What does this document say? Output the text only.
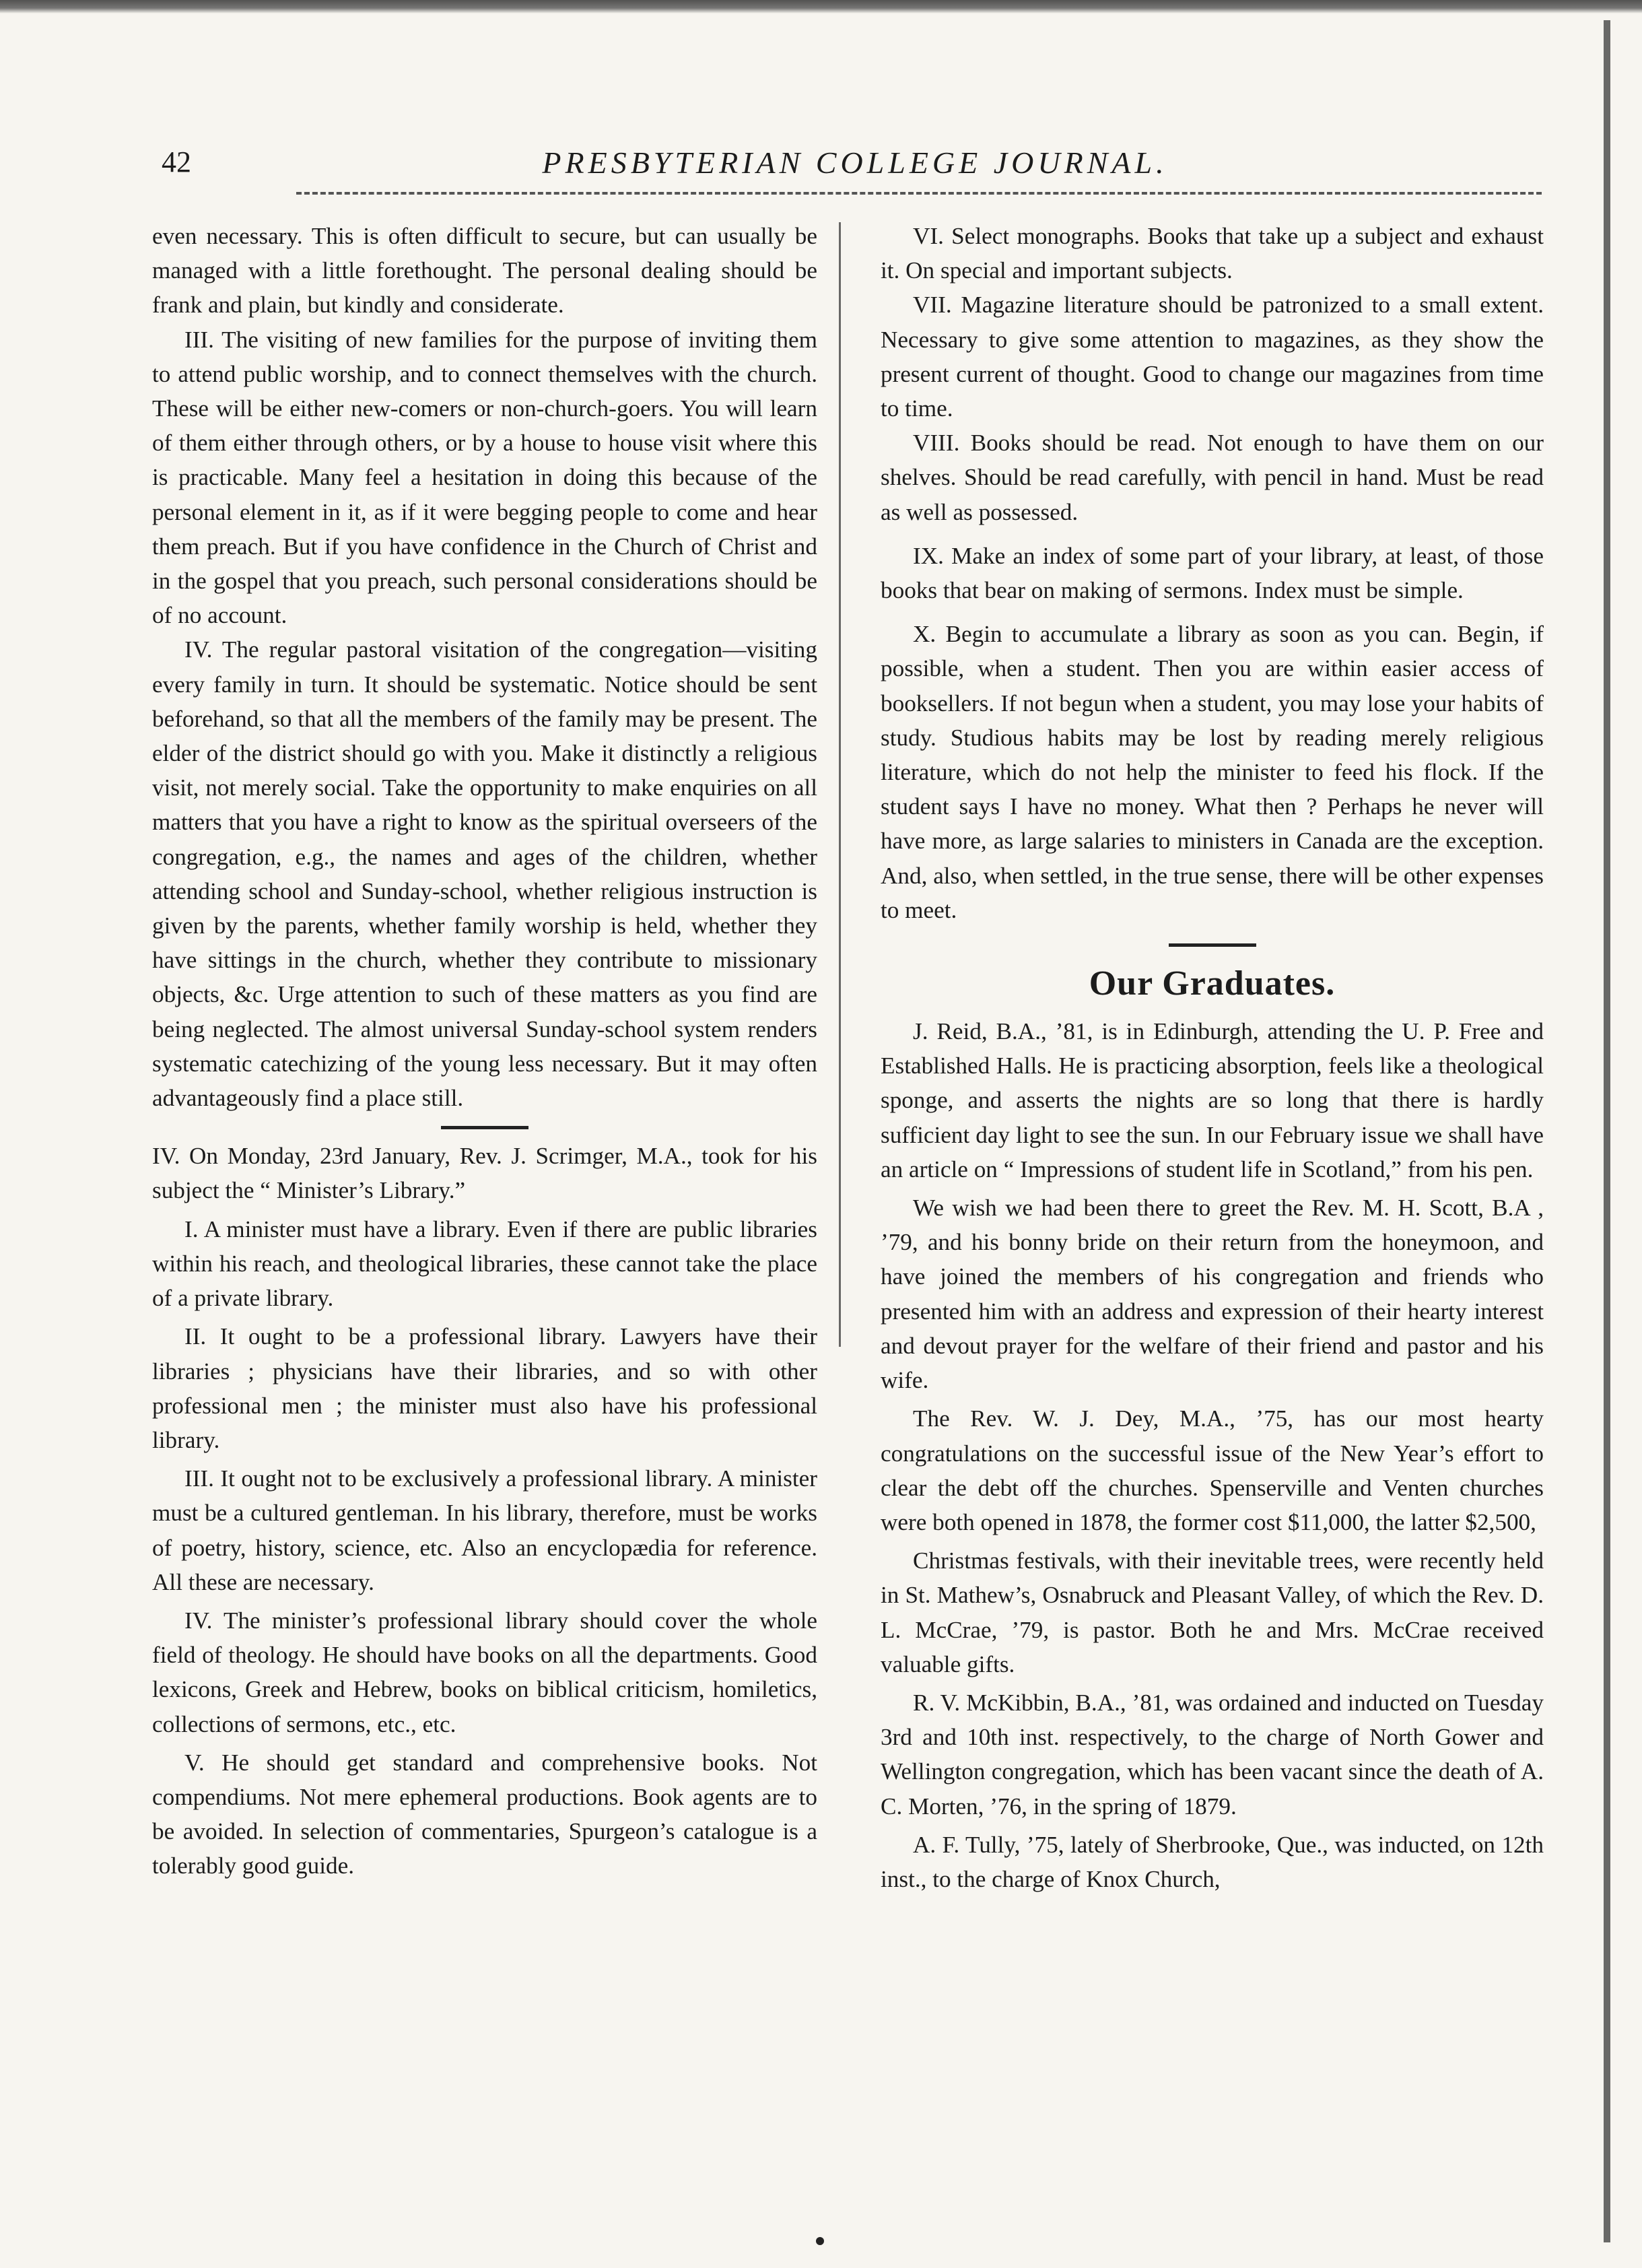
42	PRESBYTERIAN COLLEGE JOURNAL.

even necessary. This is often difficult to secure, but can usually be managed with a little forethought. The personal dealing should be frank and plain, but kindly and considerate.

III. The visiting of new families for the purpose of inviting them to attend public worship, and to connect themselves with the church. These will be either new-comers or non-church-goers. You will learn of them either through others, or by a house to house visit where this is practicable. Many feel a hesitation in doing this because of the personal element in it, as if it were begging people to come and hear them preach. But if you have confidence in the Church of Christ and in the gospel that you preach, such personal considerations should be of no account.

IV. The regular pastoral visitation of the congregation—visiting every family in turn. It should be systematic. Notice should be sent beforehand, so that all the members of the family may be present. The elder of the district should go with you. Make it distinctly a religious visit, not merely social. Take the opportunity to make enquiries on all matters that you have a right to know as the spiritual overseers of the congregation, e.g., the names and ages of the children, whether attending school and Sunday-school, whether religious instruction is given by the parents, whether family worship is held, whether they have sittings in the church, whether they contribute to missionary objects, &c. Urge attention to such of these matters as you find are being neglected. The almost universal Sunday-school system renders systematic catechizing of the young less necessary. But it may often advantageously find a place still.

IV. On Monday, 23rd January, Rev. J. Scrimger, M.A., took for his subject the “ Minister’s Library.”

I. A minister must have a library. Even if there are public libraries within his reach, and theological libraries, these cannot take the place of a private library.

II. It ought to be a professional library. Lawyers have their libraries ; physicians have their libraries, and so with other professional men ; the minister must also have his professional library.

III. It ought not to be exclusively a professional library. A minister must be a cultured gentleman. In his library, therefore, must be works of poetry, history, science, etc. Also an encyclopædia for reference. All these are necessary.

IV. The minister’s professional library should cover the whole field of theology. He should have books on all the departments. Good lexicons, Greek and Hebrew, books on biblical criticism, homiletics, collections of sermons, etc., etc.

V. He should get standard and comprehensive books. Not compendiums. Not mere ephemeral productions. Book agents are to be avoided. In selection of commentaries, Spurgeon’s catalogue is a tolerably good guide.

VI. Select monographs. Books that take up a subject and exhaust it. On special and important subjects.

VII. Magazine literature should be patronized to a small extent. Necessary to give some attention to magazines, as they show the present current of thought. Good to change our magazines from time to time.

VIII. Books should be read. Not enough to have them on our shelves. Should be read carefully, with pencil in hand. Must be read as well as possessed.

IX. Make an index of some part of your library, at least, of those books that bear on making of sermons. Index must be simple.

X. Begin to accumulate a library as soon as you can. Begin, if possible, when a student. Then you are within easier access of booksellers. If not begun when a student, you may lose your habits of study. Studious habits may be lost by reading merely religious literature, which do not help the minister to feed his flock. If the student says I have no money. What then ? Perhaps he never will have more, as large salaries to ministers in Canada are the exception. And, also, when settled, in the true sense, there will be other expenses to meet.

Our Graduates.

J. Reid, B.A., ’81, is in Edinburgh, attending the U. P. Free and Established Halls. He is practicing absorption, feels like a theological sponge, and asserts the nights are so long that there is hardly sufficient day light to see the sun. In our February issue we shall have an article on “ Impressions of student life in Scotland,” from his pen.

We wish we had been there to greet the Rev. M. H. Scott, B.A , ’79, and his bonny bride on their return from the honeymoon, and have joined the members of his congregation and friends who presented him with an address and expression of their hearty interest and devout prayer for the welfare of their friend and pastor and his wife.

The Rev. W. J. Dey, M.A., ’75, has our most hearty congratulations on the successful issue of the New Year’s effort to clear the debt off the churches. Spenserville and Venten churches were both opened in 1878, the former cost $11,000, the latter $2,500,

Christmas festivals, with their inevitable trees, were recently held in St. Mathew’s, Osnabruck and Pleasant Valley, of which the Rev. D. L. McCrae, ’79, is pastor. Both he and Mrs. McCrae received valuable gifts.

R. V. McKibbin, B.A., ’81, was ordained and inducted on Tuesday 3rd and 10th inst. respectively, to the charge of North Gower and Wellington congregation, which has been vacant since the death of A. C. Morten, ’76, in the spring of 1879.

A. F. Tully, ’75, lately of Sherbrooke, Que., was inducted, on 12th inst., to the charge of Knox Church,
